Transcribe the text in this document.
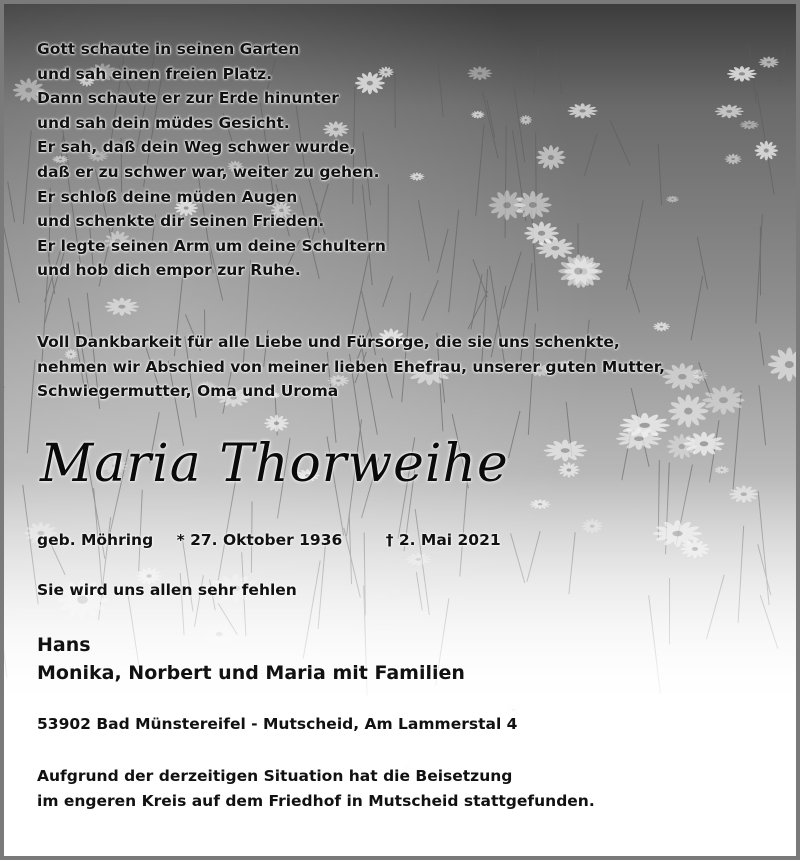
Gott schaute in seinen Garten
und sah einen freien Platz.
Dann schaute er zur Erde hinunter
und sah dein müdes Gesicht.
Er sah, daß dein Weg schwer wurde,
daß er zu schwer war, weiter zu gehen.
Er schloß deine müden Augen
und schenkte dir seinen Frieden.
Er legte seinen Arm um deine Schultern
und hob dich empor zur Ruhe.
Voll Dankbarkeit für alle Liebe und Fürsorge, die sie uns schenkte,
nehmen wir Abschied von meiner lieben Ehefrau, unserer guten Mutter,
Schwiegermutter, Oma und Uroma
Maria Thorweihe
geb. Möhring * 27. Oktober 1936	† 2. Mai 2021
Sie wird uns allen sehr fehlen
Hans
Monika, Norbert und Maria mit Familien
53902 Bad Münstereifel - Mutscheid, Am Lammerstal 4
Aufgrund der derzeitigen Situation hat die Beisetzung
im engeren Kreis auf dem Friedhof in Mutscheid stattgefunden.
